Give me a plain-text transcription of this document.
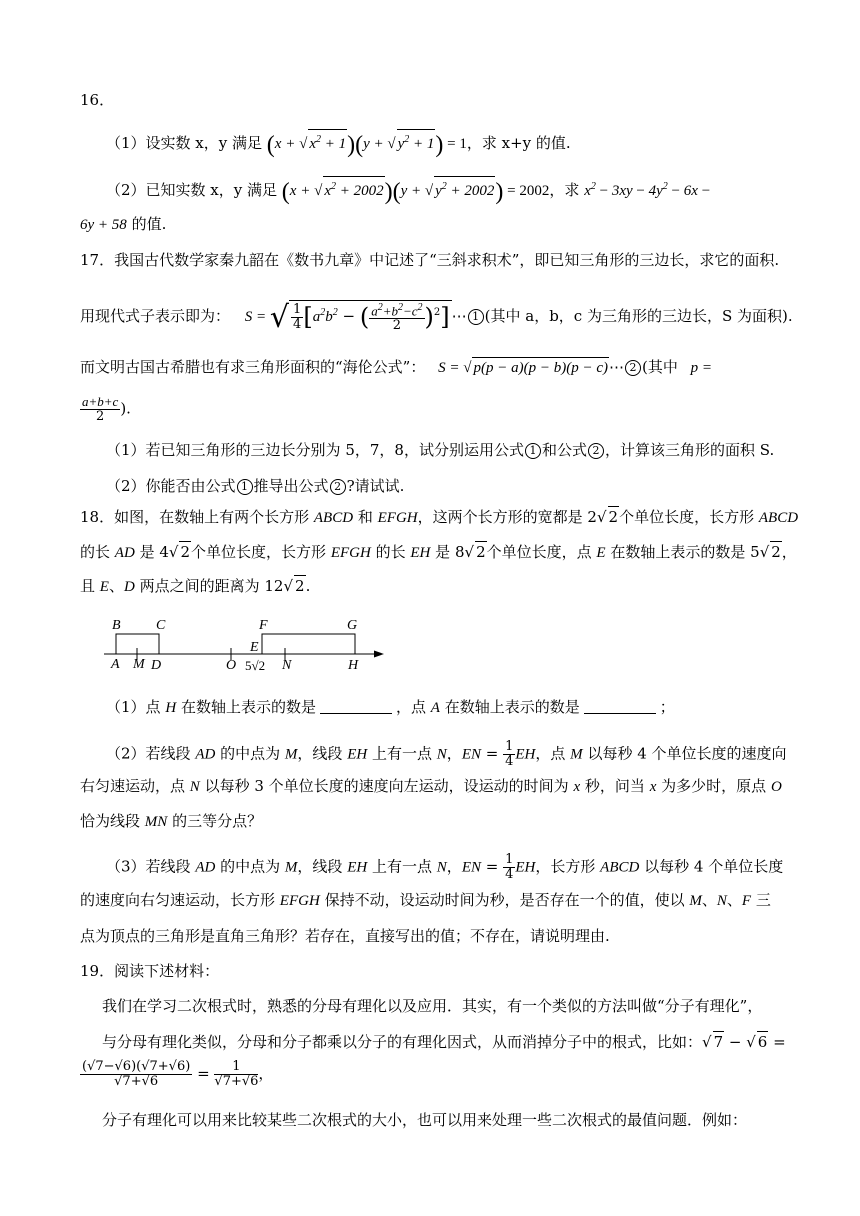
16．
（1）设实数 x，y 满足 (x + √ $x^2 + 1)(y$ + √ $y^2 + 1) = 1$，求 x+y 的值.
（2）已知实数 x，y 满足 (x + √ $x^2 + 2002)(y$ + √ $y^2 + 2002) = 2002$，求 $x^2 - 3xy - 4y^2 - 6x$ −
6y + 58 的值.
17．我国古代数学家秦九韶在《数书九章》中记述了“三斜求积术”，即已知三角形的三边长，求它的面积.
用现代式子表示即为： S = √ $\frac{1}{4} [a^2b^2$ − ( $\frac{a^2+b^2-c^2}{2} )^2$] ⋯ 1 (其中 a，b，c 为三角形的三边长，S 为面积).
而文明古国古希腊也有求三角形面积的“海伦公式”： S = √ p(p − a)(p − b)(p − c)⋯ 2 (其中 p =
$\frac{a+b+c}{2}$ ).
（1）若已知三角形的三边长分别为 5，7，8，试分别运用公式 1 和公式 2 ，计算该三角形的面积 S.
（2）你能否由公式 1 推导出公式 2 ?请试试.
18．如图，在数轴上有两个长方形 ABCD 和 EFGH，这两个长方形的宽都是 2√ 2个单位长度，长方形 ABCD
的长 AD 是 4√ 2个单位长度，长方形 EFGH 的长 EH 是 8√ 2个单位长度，点 E 在数轴上表示的数是 5√ 2，
且 E、D 两点之间的距离为 12√ 2.
B	C	F	G
A M D	O
E
N	H
5√2
（1）点 H 在数轴上表示的数是	，点 A 在数轴上表示的数是	；
（2）若线段 AD 的中点为 M，线段 EH 上有一点 N，EN = $\frac{1}{4}$ EH，点 M 以每秒 4 个单位长度的速度向
右匀速运动，点 N 以每秒 3 个单位长度的速度向左运动，设运动的时间为 x 秒，问当 x 为多少时，原点 O
恰为线段 MN 的三等分点？
（3）若线段 AD 的中点为 M，线段 EH 上有一点 N，EN = $\frac{1}{4}$ EH，长方形 ABCD 以每秒 4 个单位长度
的速度向右匀速运动，长方形 EFGH 保持不动，设运动时间为秒，是否存在一个的值，使以 M、N、F 三
点为顶点的三角形是直角三角形？若存在，直接写出的值；不存在，请说明理由.
19．阅读下述材料：
我们在学习二次根式时，熟悉的分母有理化以及应用．其实，有一个类似的方法叫做“分子有理化”，
与分母有理化类似，分母和分子都乘以分子的有理化因式，从而消掉分子中的根式，比如：√ 7 − √ 6 =
$\frac{(√7-√6)(√7+√6)}{√7+√6} = \frac{1}{√7+√6}$ ，
分子有理化可以用来比较某些二次根式的大小，也可以用来处理一些二次根式的最值问题．例如：
